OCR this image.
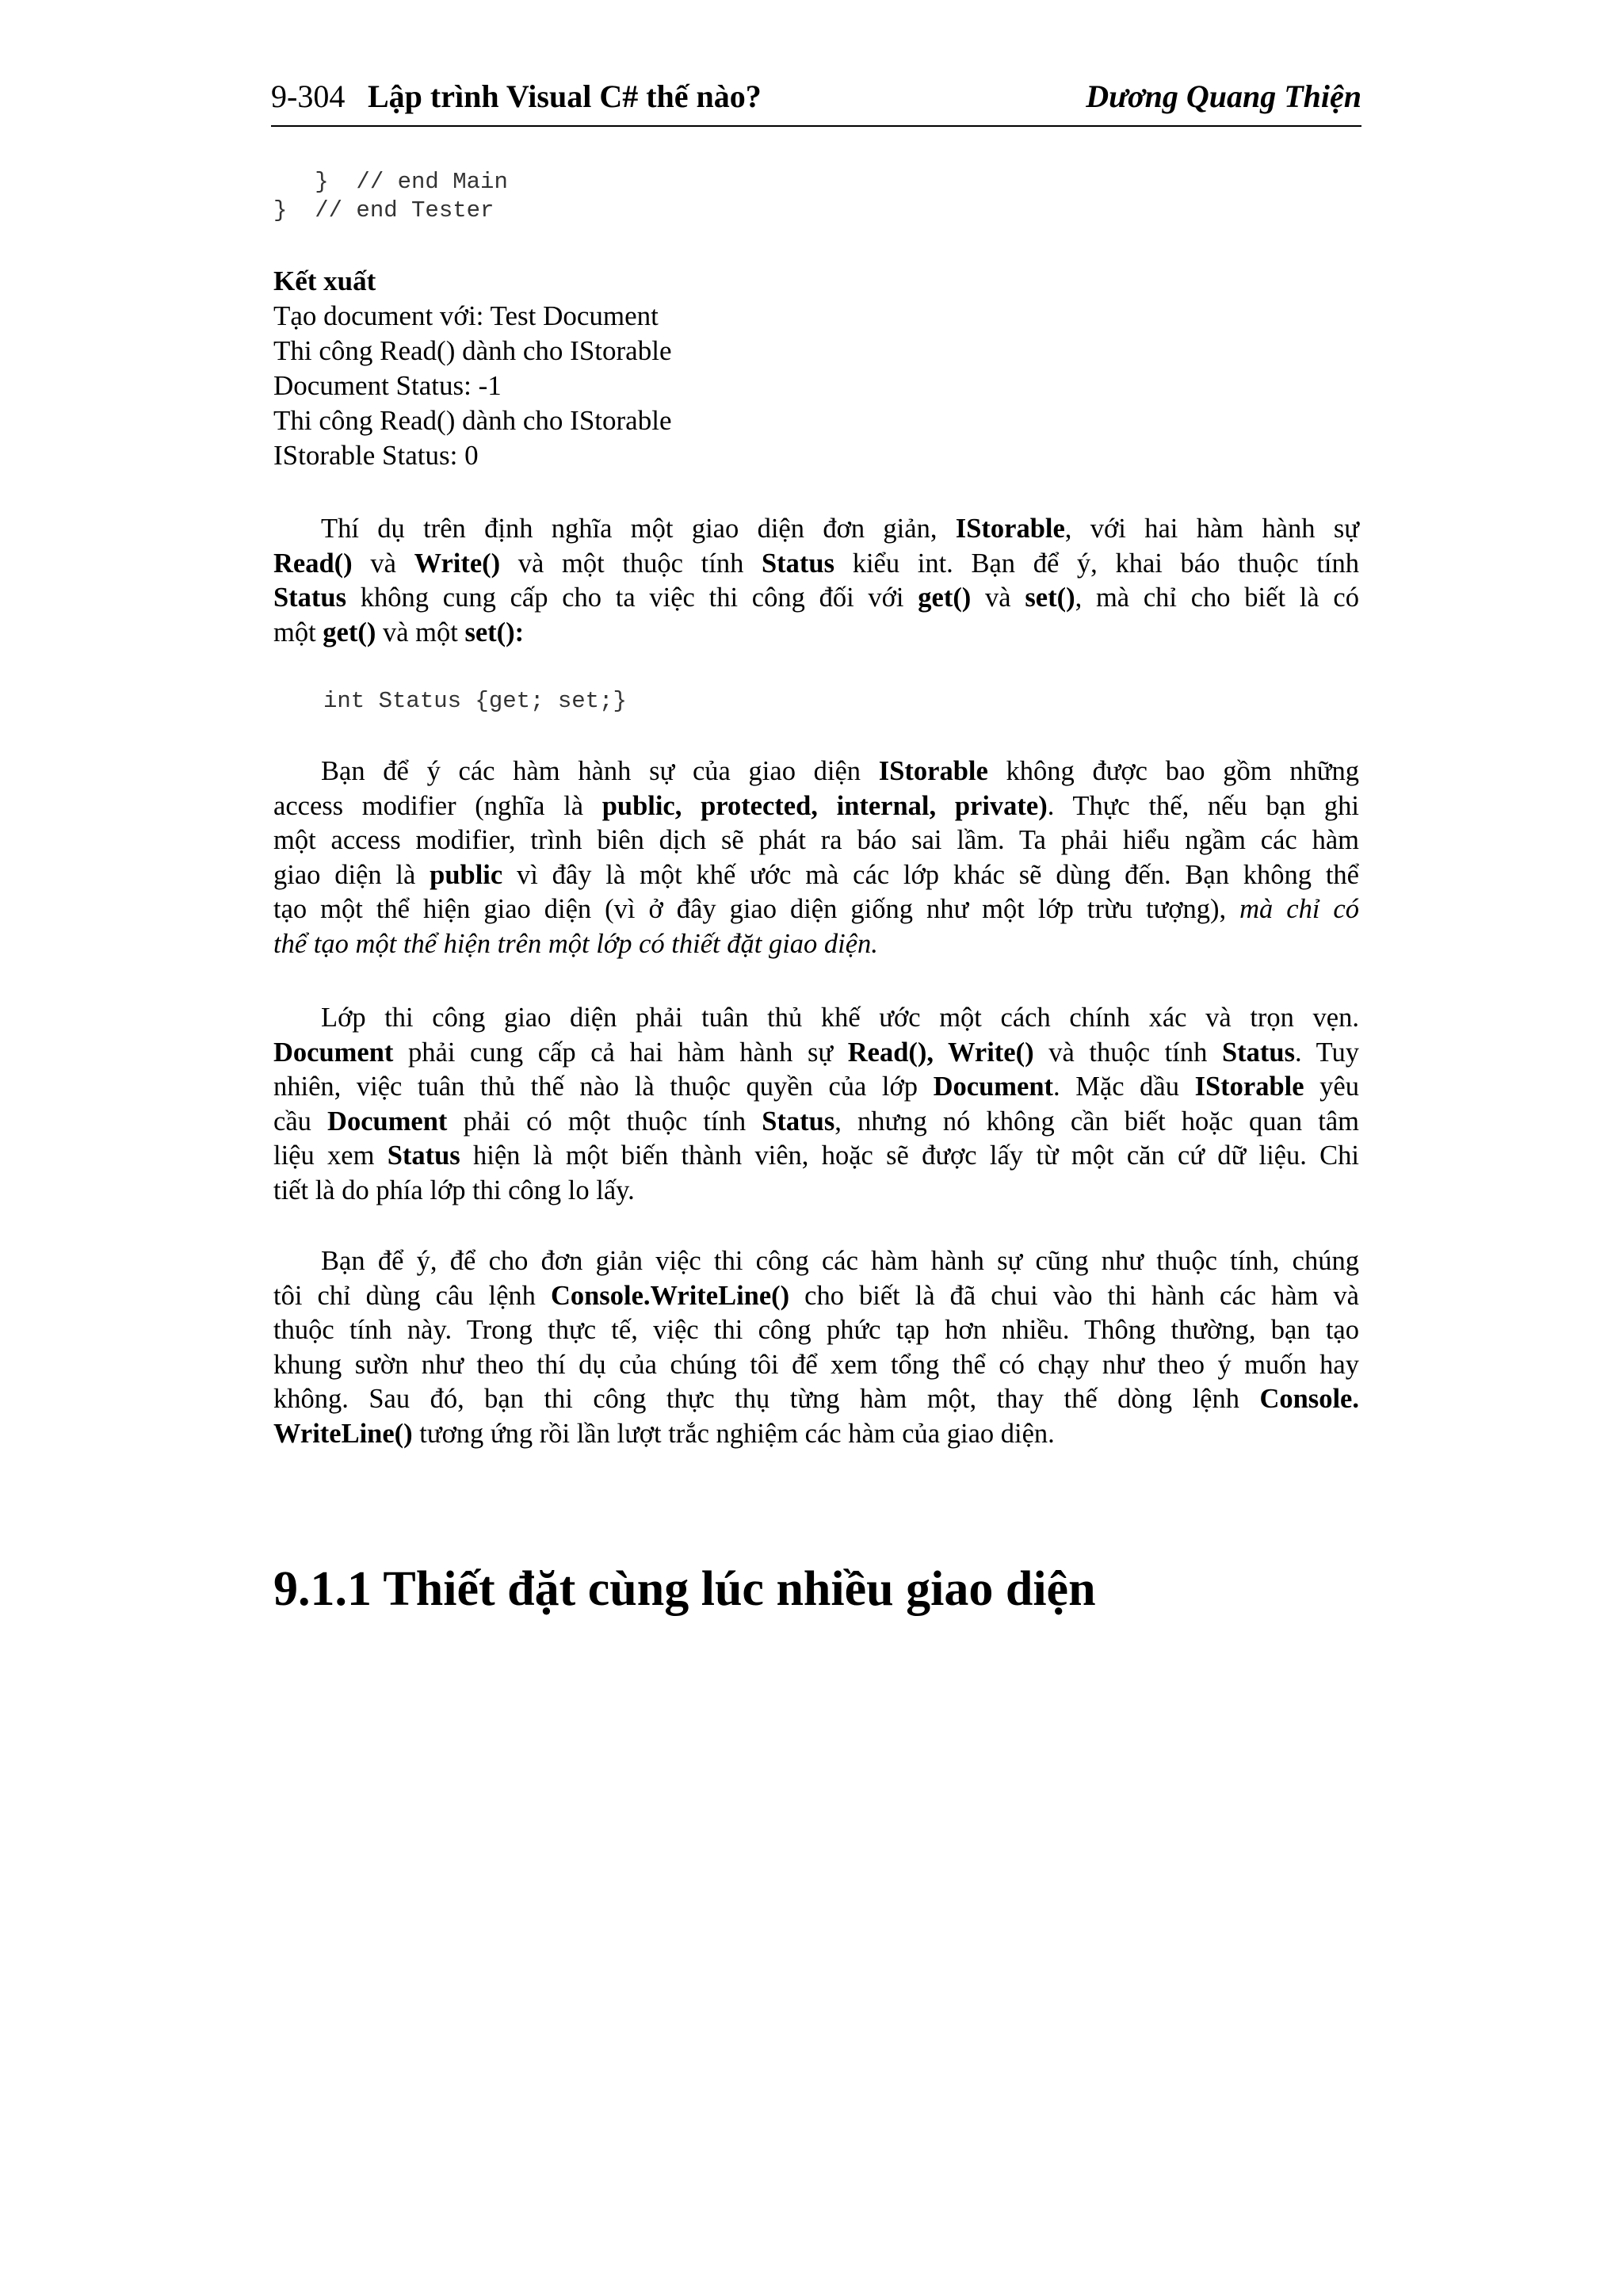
9-304 Lập trình Visual C# thế nào?	Dương Quang Thiện
}  // end Main
}  // end Tester
Kết xuất
Tạo document với: Test Document
Thi công Read() dành cho IStorable
Document Status: -1
Thi công Read() dành cho IStorable
IStorable Status: 0

Thí dụ trên định nghĩa một giao diện đơn giản, IStorable, với hai hàm hành sự
Read() và Write() và một thuộc tính Status kiểu int. Bạn để ý, khai báo thuộc tính
Status không cung cấp cho ta việc thi công đối với get() và set(), mà chỉ cho biết là có
một get() và một set():

int Status {get; set;}

Bạn để ý các hàm hành sự của giao diện IStorable không được bao gồm những
access modifier (nghĩa là public, protected, internal, private). Thực thế, nếu bạn ghi
một access modifier, trình biên dịch sẽ phát ra báo sai lầm. Ta phải hiểu ngầm các hàm
giao diện là public vì đây là một khế ước mà các lớp khác sẽ dùng đến. Bạn không thể
tạo một thể hiện giao diện (vì ở đây giao diện giống như một lớp trừu tượng), mà chỉ có
thể tạo một thể hiện trên một lớp có thiết đặt giao diện.

Lớp thi công giao diện phải tuân thủ khế ước một cách chính xác và trọn vẹn.
Document phải cung cấp cả hai hàm hành sự Read(), Write() và thuộc tính Status. Tuy
nhiên, việc tuân thủ thế nào là thuộc quyền của lớp Document. Mặc dầu IStorable yêu
cầu Document phải có một thuộc tính Status, nhưng nó không cần biết hoặc quan tâm
liệu xem Status hiện là một biến thành viên, hoặc sẽ được lấy từ một căn cứ dữ liệu. Chi
tiết là do phía lớp thi công lo lấy.

Bạn để ý, để cho đơn giản việc thi công các hàm hành sự cũng như thuộc tính, chúng
tôi chỉ dùng câu lệnh Console.WriteLine() cho biết là đã chui vào thi hành các hàm và
thuộc tính này. Trong thực tế, việc thi công phức tạp hơn nhiều. Thông thường, bạn tạo
khung sườn như theo thí dụ của chúng tôi để xem tổng thể có chạy như theo ý muốn hay
không. Sau đó, bạn thi công thực thụ từng hàm một, thay thế dòng lệnh Console.
WriteLine() tương ứng rồi lần lượt trắc nghiệm các hàm của giao diện.

9.1.1 Thiết đặt cùng lúc nhiều giao diện
